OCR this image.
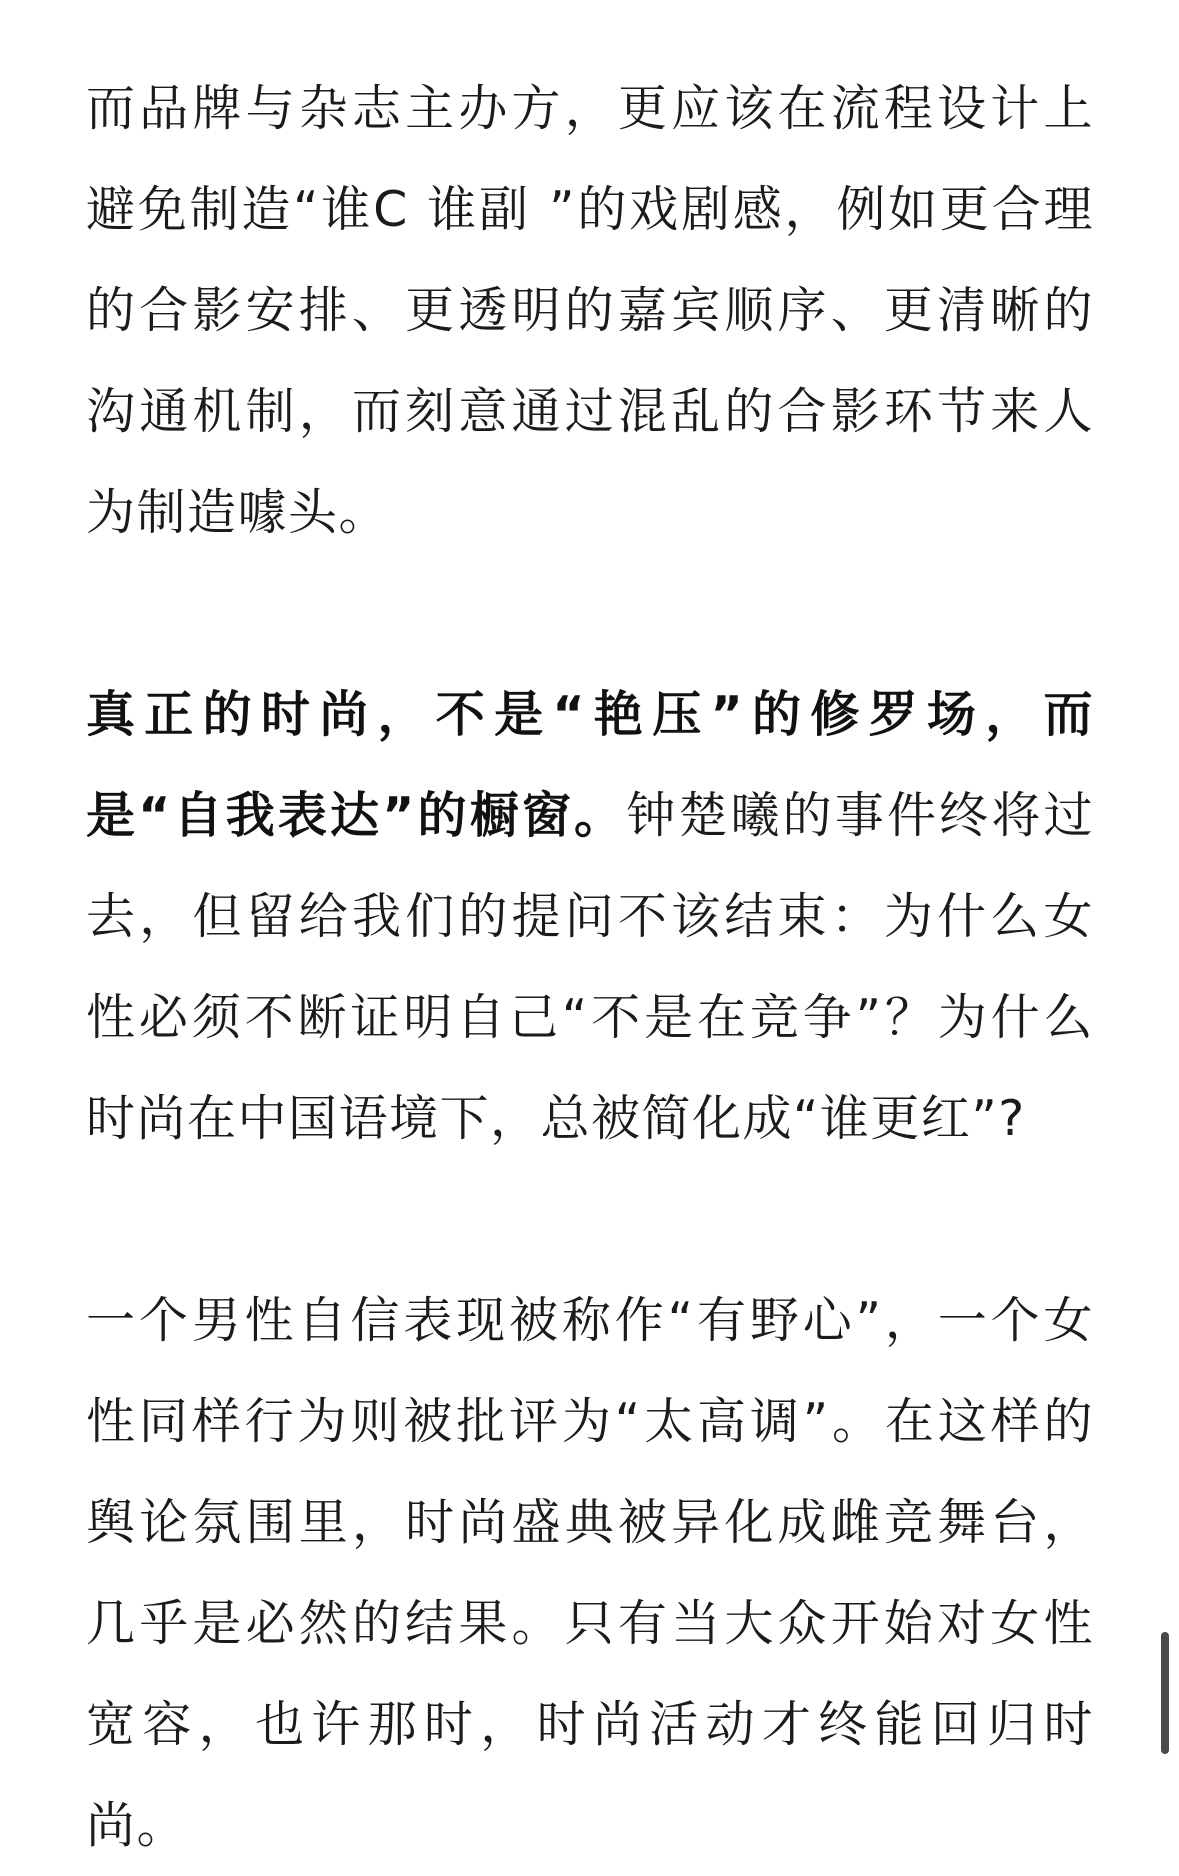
而品牌与杂志主办方，更应该在流程设计上避免制造“谁C 谁副 ”的戏剧感，例如更合理的合影安排、更透明的嘉宾顺序、更清晰的沟通机制，而刻意通过混乱的合影环节来人为制造噱头。

真正的时尚，不是“艳压”的修罗场，而是“自我表达”的橱窗。钟楚曦的事件终将过去，但留给我们的提问不该结束：为什么女性必须不断证明自己“不是在竞争”？为什么时尚在中国语境下，总被简化成“谁更红”?

一个男性自信表现被称作“有野心”，一个女性同样行为则被批评为“太高调”。在这样的舆论氛围里，时尚盛典被异化成雌竞舞台，几乎是必然的结果。只有当大众开始对女性宽容，也许那时，时尚活动才终能回归时尚。
